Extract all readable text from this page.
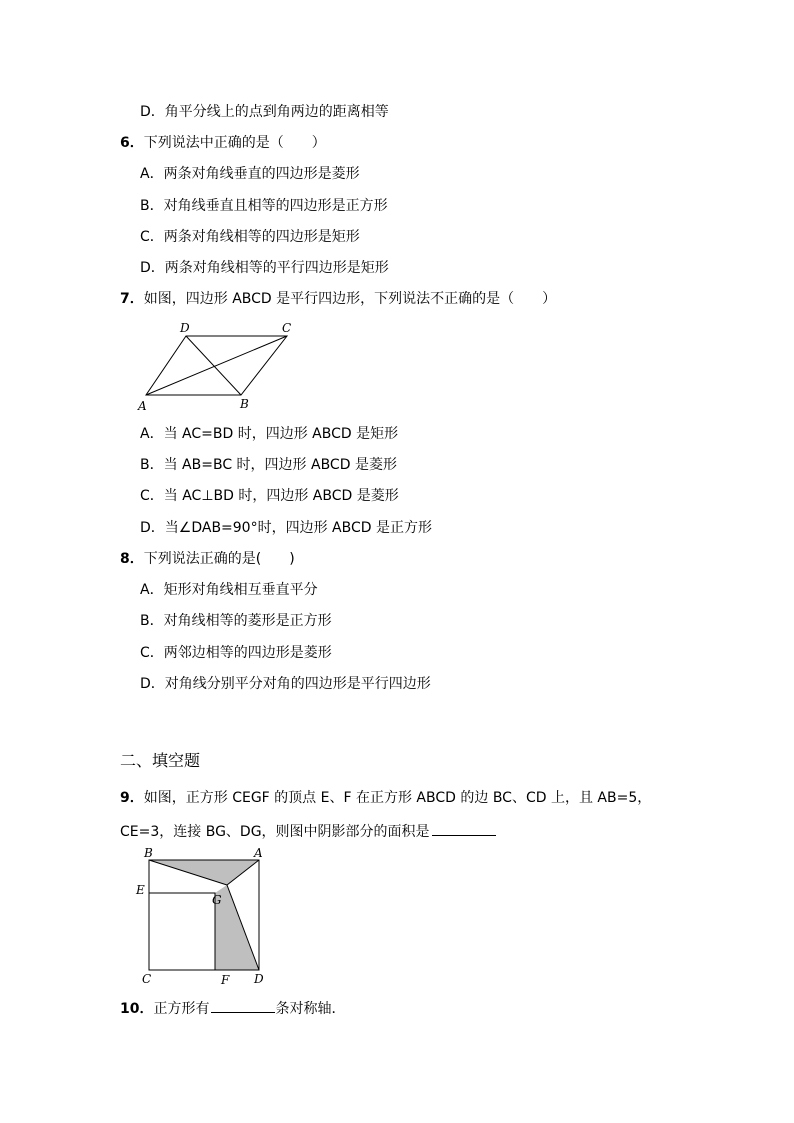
D．角平分线上的点到角两边的距离相等
6．下列说法中正确的是（　　）
A．两条对角线垂直的四边形是菱形
B．对角线垂直且相等的四边形是正方形
C．两条对角线相等的四边形是矩形
D．两条对角线相等的平行四边形是矩形
7．如图，四边形 ABCD 是平行四边形，下列说法不正确的是（　　）
D	C
A	B
A．当 AC=BD 时，四边形 ABCD 是矩形
B．当 AB=BC 时，四边形 ABCD 是菱形
C．当 AC⊥BD 时，四边形 ABCD 是菱形
D．当∠DAB=90°时，四边形 ABCD 是正方形
8．下列说法正确的是(　　)
A．矩形对角线相互垂直平分
B．对角线相等的菱形是正方形
C．两邻边相等的四边形是菱形
D．对角线分别平分对角的四边形是平行四边形
二、填空题
9．如图，正方形 CEGF 的顶点 E、F 在正方形 ABCD 的边 BC、CD 上，且 AB=5，
CE=3，连接 BG、DG，则图中阴影部分的面积是
B	A
E
G
C	F D
10．正方形有	条对称轴．
